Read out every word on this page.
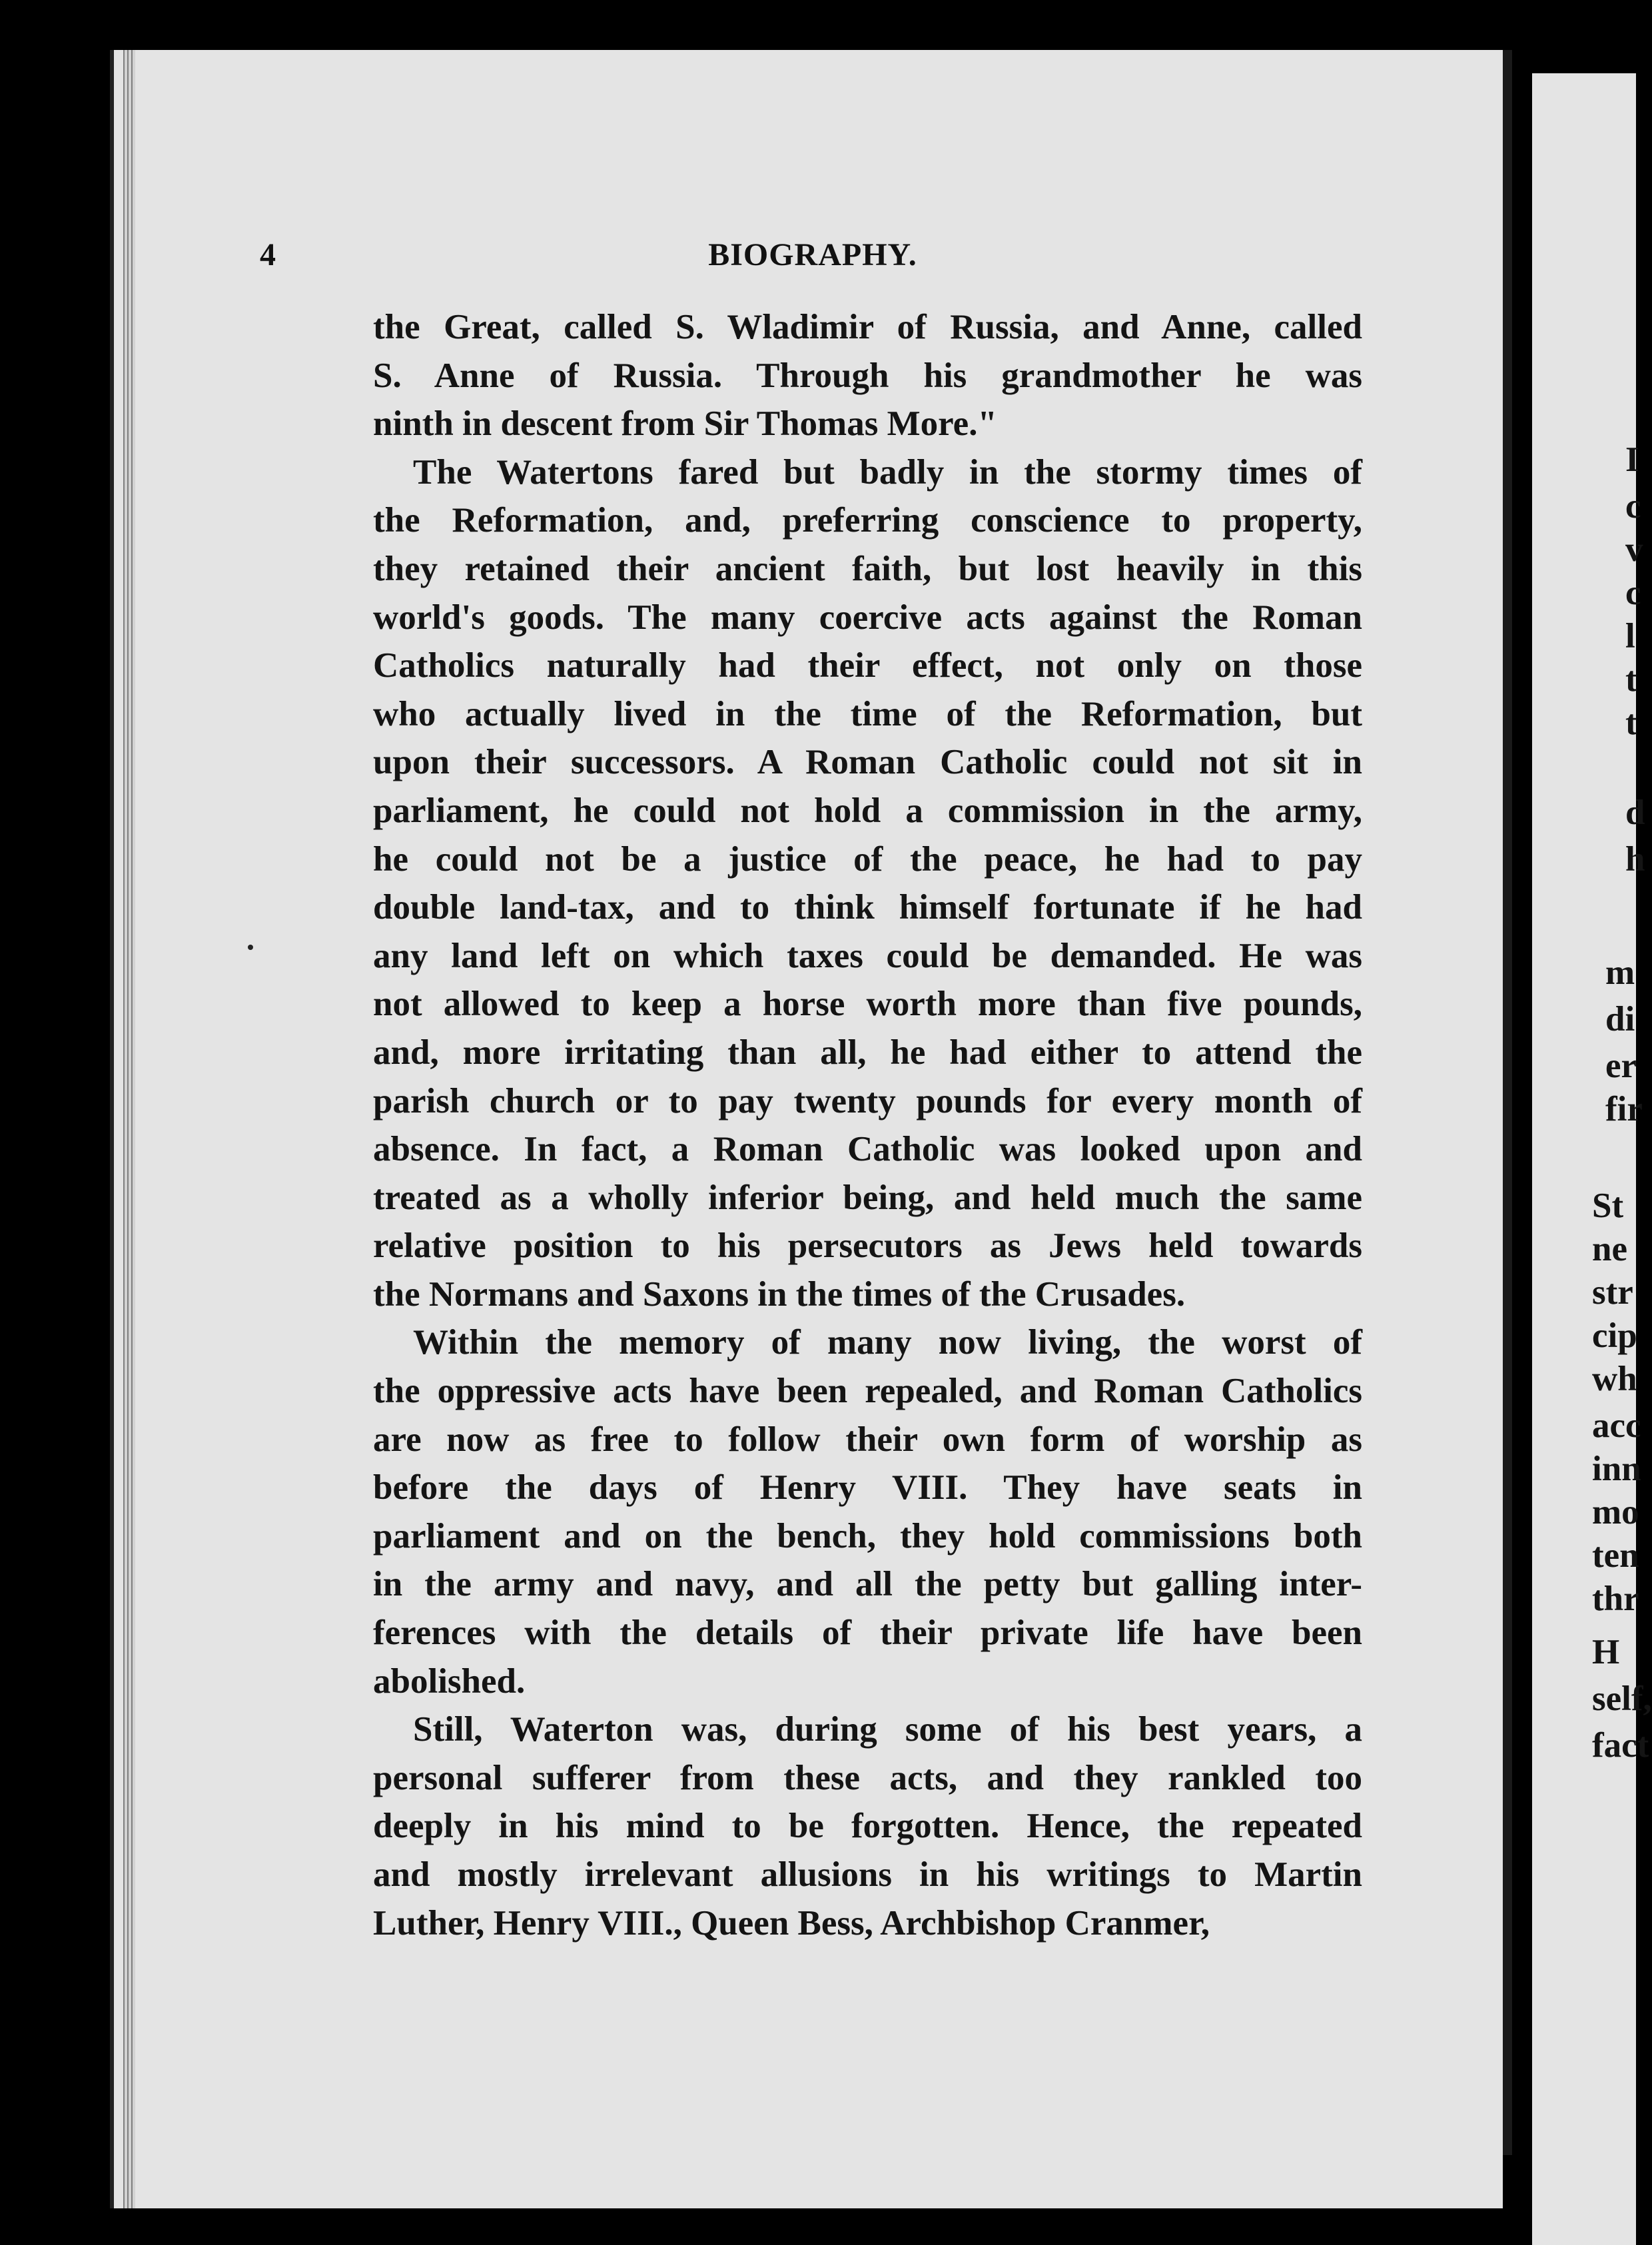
I
c
v
c
l
t
t
d
h
m
di
er
fir
St
ne
str
cip
wh
acc
inn
mo
ten
thr
H
self,
fact
4	BIOGRAPHY.
the Great, called S. Wladimir of Russia, and Anne, called
S. Anne of Russia. Through his grandmother he was
ninth in descent from Sir Thomas More."
The Watertons fared but badly in the stormy times of
the Reformation, and, preferring conscience to property,
they retained their ancient faith, but lost heavily in this
world's goods. The many coercive acts against the Roman
Catholics naturally had their effect, not only on those
who actually lived in the time of the Reformation, but
upon their successors. A Roman Catholic could not sit in
parliament, he could not hold a commission in the army,
he could not be a justice of the peace, he had to pay
double land-tax, and to think himself fortunate if he had
any land left on which taxes could be demanded. He was
not allowed to keep a horse worth more than five pounds,
and, more irritating than all, he had either to attend the
parish church or to pay twenty pounds for every month of
absence. In fact, a Roman Catholic was looked upon and
treated as a wholly inferior being, and held much the same
relative position to his persecutors as Jews held towards
the Normans and Saxons in the times of the Crusades.
Within the memory of many now living, the worst of
the oppressive acts have been repealed, and Roman Catholics
are now as free to follow their own form of worship as
before the days of Henry VIII. They have seats in
parliament and on the bench, they hold commissions both
in the army and navy, and all the petty but galling inter-
ferences with the details of their private life have been
abolished.
Still, Waterton was, during some of his best years, a
personal sufferer from these acts, and they rankled too
deeply in his mind to be forgotten. Hence, the repeated
and mostly irrelevant allusions in his writings to Martin
Luther, Henry VIII., Queen Bess, Archbishop Cranmer,
